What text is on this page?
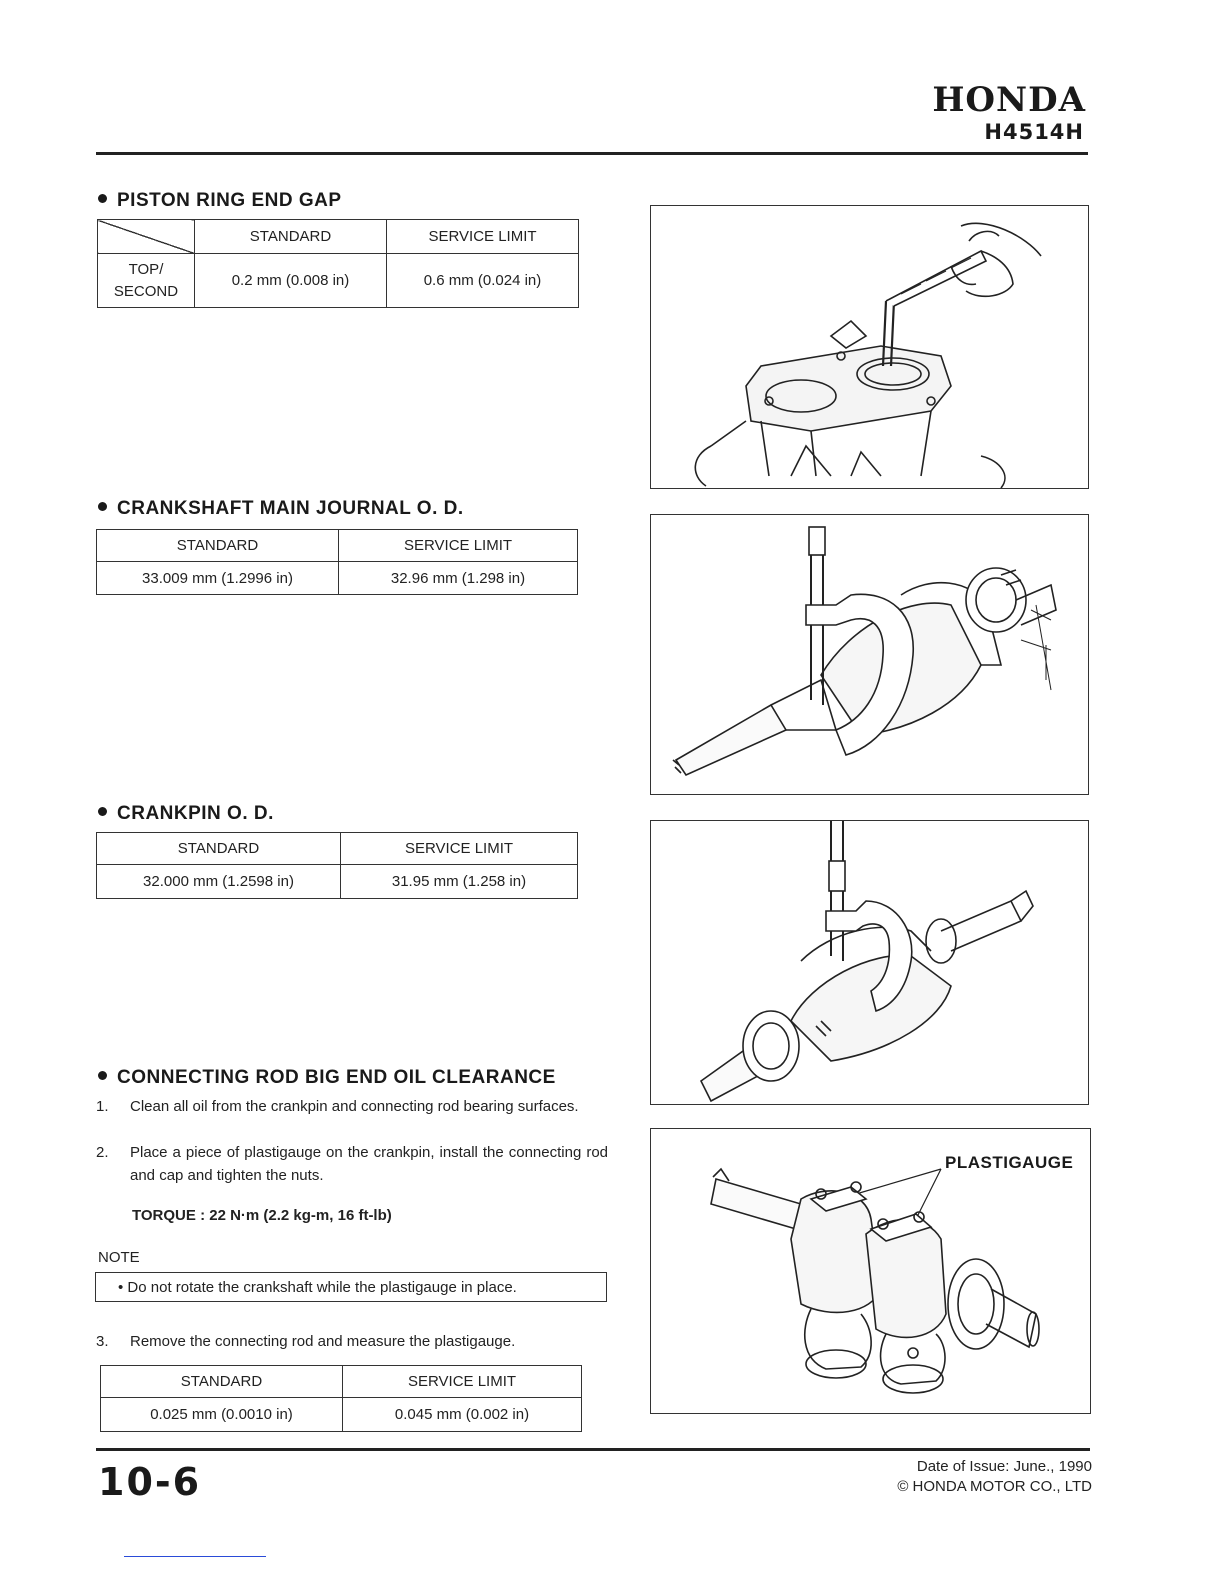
HONDA
H4514H
PISTON RING END GAP
	STANDARD	SERVICE LIMIT

TOP/
SECOND	0.2 mm (0.008 in)	0.6 mm (0.024 in)
CRANKSHAFT MAIN JOURNAL O. D.
STANDARD	SERVICE LIMIT
33.009 mm (1.2996 in)	32.96 mm (1.298 in)
CRANKPIN O. D.
STANDARD	SERVICE LIMIT
32.000 mm (1.2598 in)	31.95 mm (1.258 in)
CONNECTING ROD BIG END OIL CLEARANCE
1. Clean all oil from the crankpin and connecting rod bearing surfaces.
2. Place a piece of plastigauge on the crankpin, install the connecting rod and cap and tighten the nuts.
TORQUE : 22 N·m (2.2 kg-m, 16 ft-lb)
NOTE
• Do not rotate the crankshaft while the plastigauge in place.
3. Remove the connecting rod and measure the plastigauge.
STANDARD	SERVICE LIMIT
0.025 mm (0.0010 in)	0.045 mm (0.002 in)
PLASTIGAUGE
10-6	Date of Issue: June., 1990
© HONDA MOTOR CO., LTD
